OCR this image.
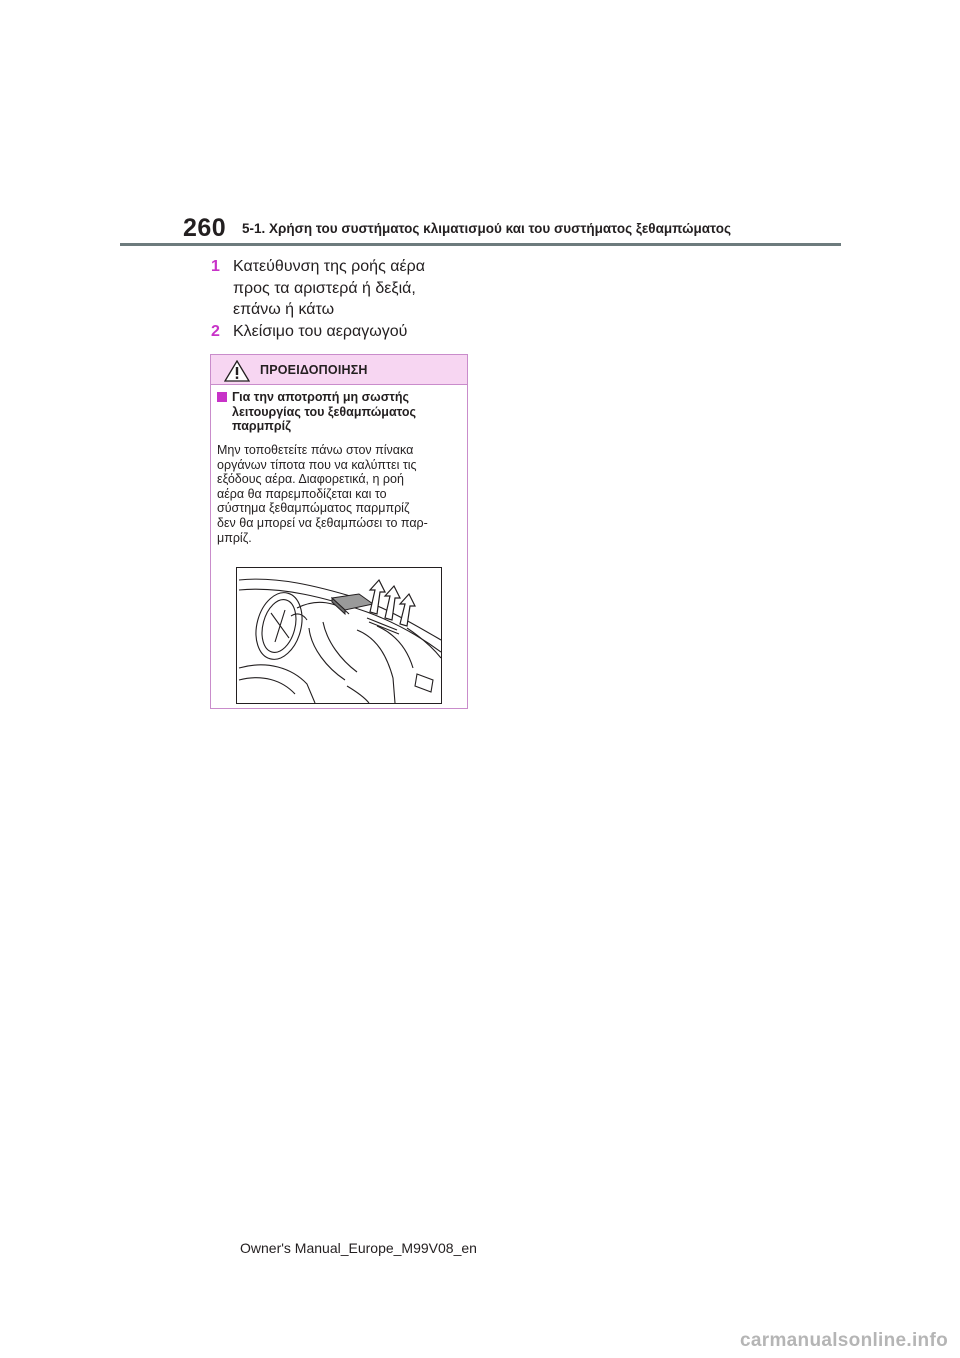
260 5-1. Χρήση του συστήματος κλιματισμού και του συστήματος ξεθαμπώματος
1 Κατεύθυνση της ροής αέρα
προς τα αριστερά ή δεξιά,
επάνω ή κάτω
2 Κλείσιμο του αεραγωγού
ΠΡΟΕΙΔΟΠΟΙΗΣΗ
Για την αποτροπή μη σωστής
λειτουργίας του ξεθαμπώματος
παρμπρίζ
Μην τοποθετείτε πάνω στον πίνακα
οργάνων τίποτα που να καλύπτει τις
εξόδους αέρα. Διαφορετικά, η ροή
αέρα θα παρεμποδίζεται και το
σύστημα ξεθαμπώματος παρμπρίζ
δεν θα μπορεί να ξεθαμπώσει το παρ-
μπρίζ.
Owner's Manual_Europe_M99V08_en
carmanualsonline.info
